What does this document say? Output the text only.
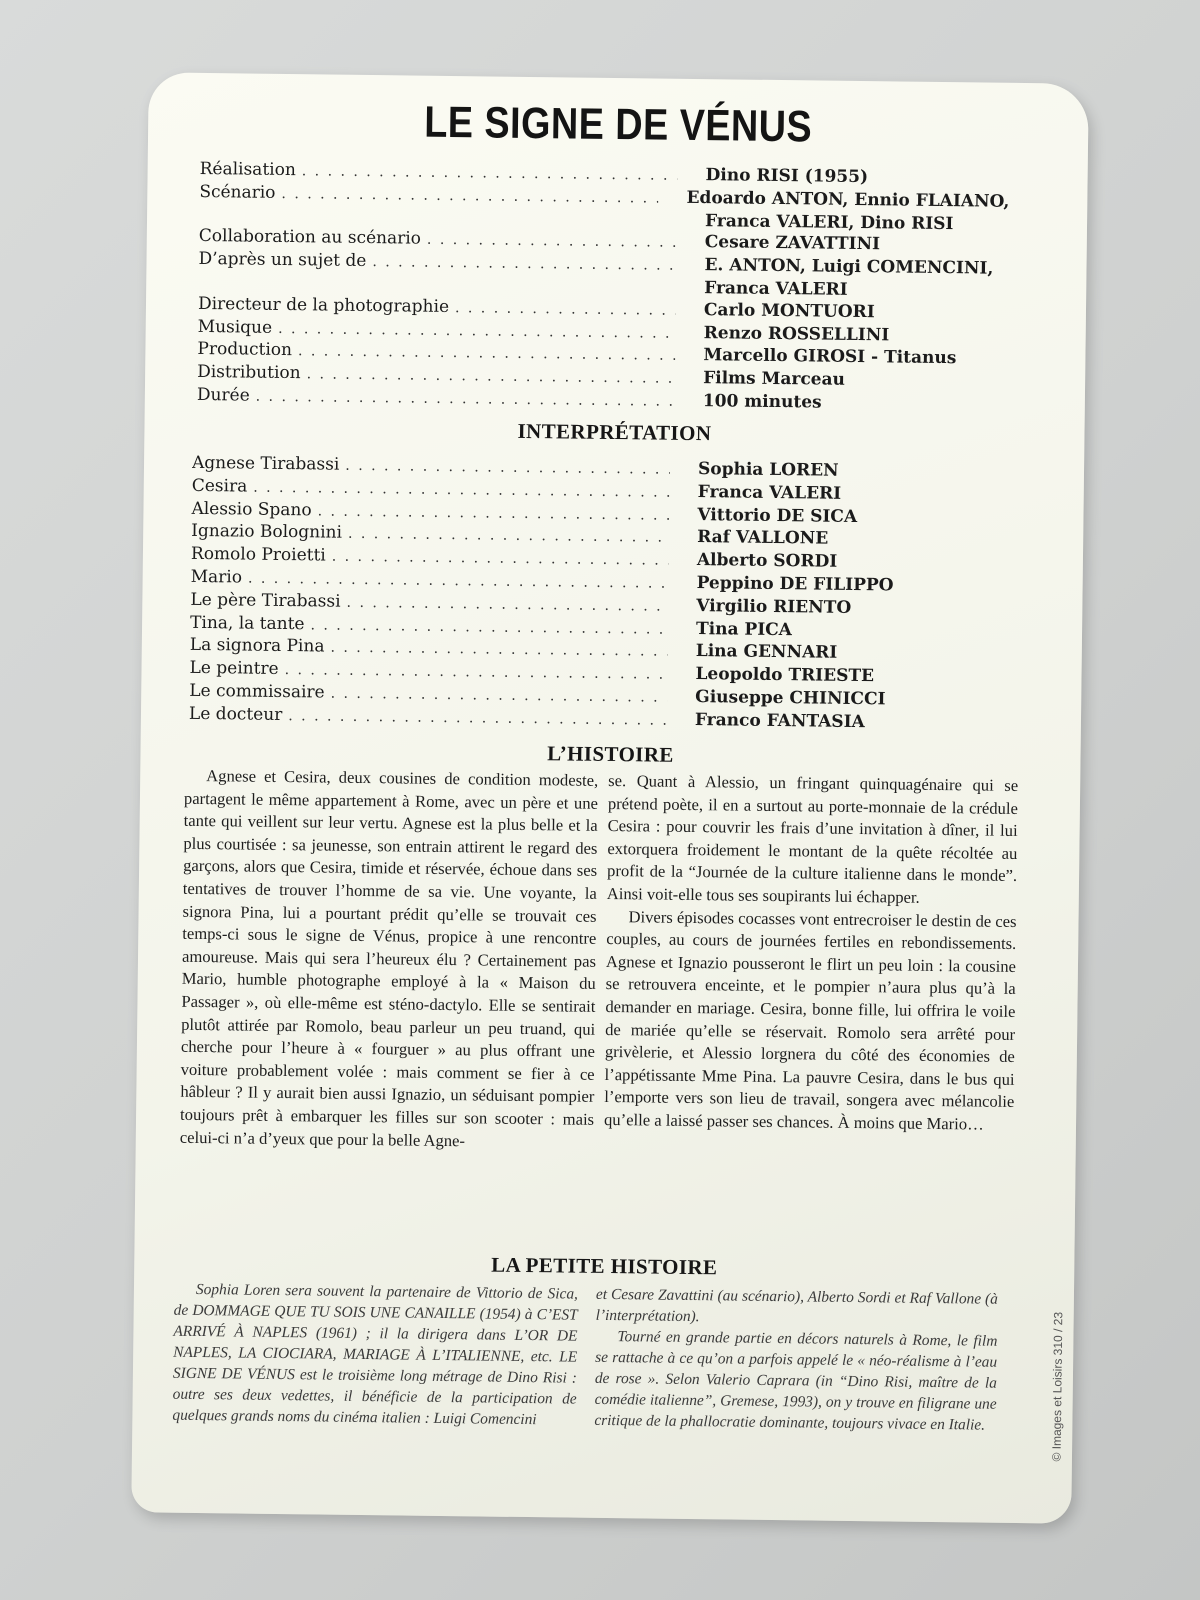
LE SIGNE DE VÉNUS
Réalisation . . .	Dino RISI (1955)
Scénario . . .	Edoardo ANTON, Ennio FLAIANO,
Franca VALERI, Dino RISI
Collaboration au scénario . . .	Cesare ZAVATTINI
D’après un sujet de . . .	E. ANTON, Luigi COMENCINI,
Franca VALERI
Directeur de la photographie . . .	Carlo MONTUORI
Musique . . .	Renzo ROSSELLINI
Production . . .	Marcello GIROSI - Titanus
Distribution . . .	Films Marceau
Durée . . .	100 minutes
INTERPRÉTATION
Agnese Tirabassi . . .	Sophia LOREN
Cesira . . .	Franca VALERI
Alessio Spano . . .	Vittorio DE SICA
Ignazio Bolognini . . .	Raf VALLONE
Romolo Proietti . . .	Alberto SORDI
Mario . . .	Peppino DE FILIPPO
Le père Tirabassi . . .	Virgilio RIENTO
Tina, la tante . . .	Tina PICA
La signora Pina . . .	Lina GENNARI
Le peintre . . .	Leopoldo TRIESTE
Le commissaire . . .	Giuseppe CHINICCI
Le docteur . . .	Franco FANTASIA
L’HISTOIRE

Agnese et Cesira, deux cousines de condition modeste, partagent le même appartement à Rome, avec un père et une tante qui veillent sur leur vertu. Agnese est la plus belle et la plus courtisée : sa jeunesse, son entrain attirent le regard des garçons, alors que Cesira, timide et réservée, échoue dans ses tentatives de trouver l’homme de sa vie. Une voyante, la signora Pina, lui a pourtant prédit qu’elle se trouvait ces temps-ci sous le signe de Vénus, propice à une rencontre amoureuse. Mais qui sera l’heureux élu ? Certainement pas Mario, humble photographe employé à la « Maison du Passager », où elle-même est sténo-dactylo. Elle se sentirait plutôt attirée par Romolo, beau parleur un peu truand, qui cherche pour l’heure à « fourguer » au plus offrant une voiture probablement volée : mais comment se fier à ce hâbleur ? Il y aurait bien aussi Ignazio, un séduisant pompier toujours prêt à embarquer les filles sur son scooter : mais celui-ci n’a d’yeux que pour la belle Agne-

se. Quant à Alessio, un fringant quinquagénaire qui se prétend poète, il en a surtout au porte-monnaie de la crédule Cesira : pour couvrir les frais d’une invitation à dîner, il lui extorquera froidement le montant de la quête récoltée au profit de la “Journée de la culture italienne dans le monde”. Ainsi voit-elle tous ses soupirants lui échapper.

Divers épisodes cocasses vont entrecroiser le destin de ces couples, au cours de journées fertiles en rebondissements. Agnese et Ignazio pousseront le flirt un peu loin : la cousine se retrouvera enceinte, et le pompier n’aura plus qu’à la demander en mariage. Cesira, bonne fille, lui offrira le voile de mariée qu’elle se réservait. Romolo sera arrêté pour grivèlerie, et Alessio lorgnera du côté des économies de l’appétissante Mme Pina. La pauvre Cesira, dans le bus qui l’emporte vers son lieu de travail, songera avec mélancolie qu’elle a laissé passer ses chances. À moins que Mario…

LA PETITE HISTOIRE

Sophia Loren sera souvent la partenaire de Vittorio de Sica, de DOMMAGE QUE TU SOIS UNE CANAILLE (1954) à C’EST ARRIVÉ À NAPLES (1961) ; il la dirigera dans L’OR DE NAPLES, LA CIOCIARA, MARIAGE À L’ITALIENNE, etc. LE SIGNE DE VÉNUS est le troisième long métrage de Dino Risi : outre ses deux vedettes, il bénéficie de la participation de quelques grands noms du cinéma italien : Luigi Comencini

et Cesare Zavattini (au scénario), Alberto Sordi et Raf Vallone (à l’interprétation).

Tourné en grande partie en décors naturels à Rome, le film se rattache à ce qu’on a parfois appelé le « néo-réalisme à l’eau de rose ». Selon Valerio Caprara (in “Dino Risi, maître de la comédie italienne”, Gremese, 1993), on y trouve en filigrane une critique de la phallocratie dominante, toujours vivace en Italie.	© Images et Loisirs 310 / 23
